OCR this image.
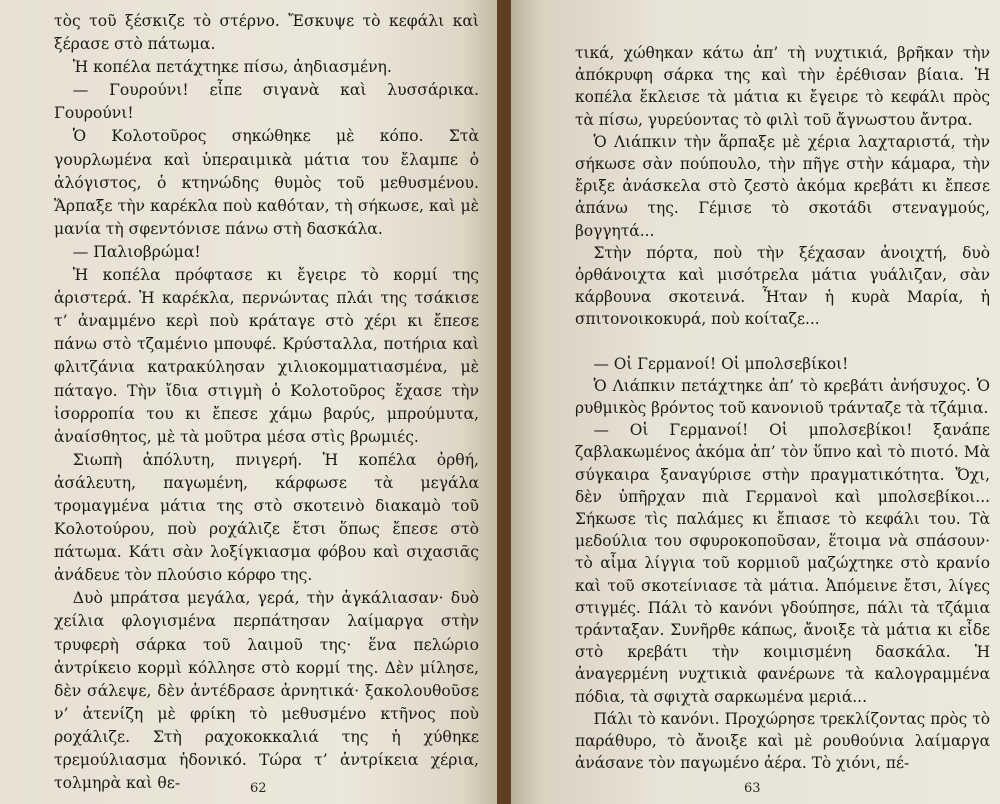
τὸς τοῦ ξέσκιζε τὸ στέρνο. Ἔσκυψε τὸ κεφάλι καὶ ξέρασε στὸ πάτωμα.

Ἡ κοπέλα πετάχτηκε πίσω, ἀηδιασμένη.

— Γουρούνι! εἶπε σιγανὰ καὶ λυσσάρικα. Γουρούνι!

Ὁ Κολοτοῦρος σηκώθηκε μὲ κόπο. Στὰ γουρλωμένα καὶ ὑπεραιμικὰ μάτια του ἔλαμπε ὁ ἀλόγιστος, ὁ κτηνώδης θυμὸς τοῦ μεθυσμένου. Ἅρπαξε τὴν καρέκλα ποὺ καθόταν, τὴ σήκωσε, καὶ μὲ μανία τὴ σφεντόνισε πάνω στὴ δασκάλα.

— Παλιοβρώμα!

Ἡ κοπέλα πρόφτασε κι ἔγειρε τὸ κορμί της ἀριστερά. Ἡ καρέκλα, περνώντας πλάι της τσάκισε τ’ ἀναμμένο κερὶ ποὺ κράταγε στὸ χέρι κι ἔπεσε πάνω στὸ τζαμένιο μπουφέ. Κρύσταλλα, ποτήρια καὶ φλιτζάνια κατρακύλησαν χιλιοκομματιασμένα, μὲ πάταγο. Τὴν ἴδια στιγμὴ ὁ Κολοτοῦρος ἔχασε τὴν ἰσορροπία του κι ἔπεσε χάμω βαρύς, μπρούμυτα, ἀναίσθητος, μὲ τὰ μοῦτρα μέσα στὶς βρωμιές.

Σιωπὴ ἀπόλυτη, πνιγερή. Ἡ κοπέλα ὀρθή, ἀσάλευτη, παγωμένη, κάρφωσε τὰ μεγάλα τρομαγμένα μάτια της στὸ σκοτεινὸ διακαμὸ τοῦ Κολοτούρου, ποὺ ροχάλιζε ἔτσι ὅπως ἔπεσε στὸ πάτωμα. Κάτι σὰν λοξίγκιασμα φόβου καὶ σιχασιᾶς ἀνάδευε τὸν πλούσιο κόρφο της.

Δυὸ μπράτσα μεγάλα, γερά, τὴν ἀγκάλιασαν· δυὸ χείλια φλογισμένα περπάτησαν λαίμαργα στὴν τρυφερὴ σάρκα τοῦ λαιμοῦ της· ἕνα πελώριο ἀντρίκειο κορμὶ κόλλησε στὸ κορμί της. Δὲν μίλησε, δὲν σάλεψε, δὲν ἀντέδρασε ἀρνητικά· ξακολουθοῦσε ν’ ἀτενίζη μὲ φρίκη τὸ μεθυσμένο κτῆνος ποὺ ροχάλιζε. Στὴ ραχοκοκκαλιά της ἡ χύθηκε τρεμούλιασμα ἡδονικό. Τώρα τ’ ἀντρίκεια χέρια, τολμηρὰ καὶ θε-	62

τικά, χώθηκαν κάτω ἀπ’ τὴ νυχτικιά, βρῆκαν τὴν ἀπόκρυφη σάρκα της καὶ τὴν ἐρέθισαν βίαια. Ἡ κοπέλα ἔκλεισε τὰ μάτια κι ἔγειρε τὸ κεφάλι πρὸς τὰ πίσω, γυρεύοντας τὸ φιλὶ τοῦ ἄγνωστου ἄντρα.

Ὁ Λιάπκιν τὴν ἅρπαξε μὲ χέρια λαχταριστά, τὴν σήκωσε σὰν πούπουλο, τὴν πῆγε στὴν κάμαρα, τὴν ἔριξε ἀνάσκελα στὸ ζεστὸ ἀκόμα κρεβάτι κι ἔπεσε ἀπάνω της. Γέμισε τὸ σκοτάδι στεναγμούς, βογγητά...

Στὴν πόρτα, ποὺ τὴν ξέχασαν ἀνοιχτή, δυὸ ὀρθάνοιχτα καὶ μισότρελα μάτια γυάλιζαν, σὰν κάρβουνα σκοτεινά. Ἦταν ἡ κυρὰ Μαρία, ἡ σπιτονοικοκυρά, ποὺ κοίταζε...

— Οἱ Γερμανοί! Οἱ μπολσεβίκοι!

Ὁ Λιάπκιν πετάχτηκε ἀπ’ τὸ κρεβάτι ἀνήσυχος. Ὁ ρυθμικὸς βρόντος τοῦ κανονιοῦ τράνταζε τὰ τζάμια.

— Οἱ Γερμανοί! Οἱ μπολσεβίκοι! ξανάπε ζαβλακωμένος ἀκόμα ἀπ’ τὸν ὕπνο καὶ τὸ πιοτό. Μὰ σύγκαιρα ξαναγύρισε στὴν πραγματικότητα. Ὄχι, δὲν ὑπῆρχαν πιὰ Γερμανοὶ καὶ μπολσεβίκοι... Σήκωσε τὶς παλάμες κι ἔπιασε τὸ κεφάλι του. Τὰ μεδούλια του σφυροκοποῦσαν, ἕτοιμα νὰ σπάσουν· τὸ αἷμα λίγγια τοῦ κορμιοῦ μαζώχτηκε στὸ κρανίο καὶ τοῦ σκοτείνιασε τὰ μάτια. Ἀπόμεινε ἔτσι, λίγες στιγμές. Πάλι τὸ κανόνι γδούπησε, πάλι τὰ τζάμια τράνταξαν. Συνῆρθε κάπως, ἄνοιξε τὰ μάτια κι εἶδε στὸ κρεβάτι τὴν κοιμισμένη δασκάλα. Ἡ ἀναγερμένη νυχτικιὰ φανέρωνε τὰ καλογραμμένα πόδια, τὰ σφιχτὰ σαρκωμένα μεριά...

Πάλι τὸ κανόνι. Προχώρησε τρεκλίζοντας πρὸς τὸ παράθυρο, τὸ ἄνοιξε καὶ μὲ ρουθούνια λαίμαργα ἀνάσανε τὸν παγωμένο ἀέρα. Τὸ χιόνι, πέ-

63
